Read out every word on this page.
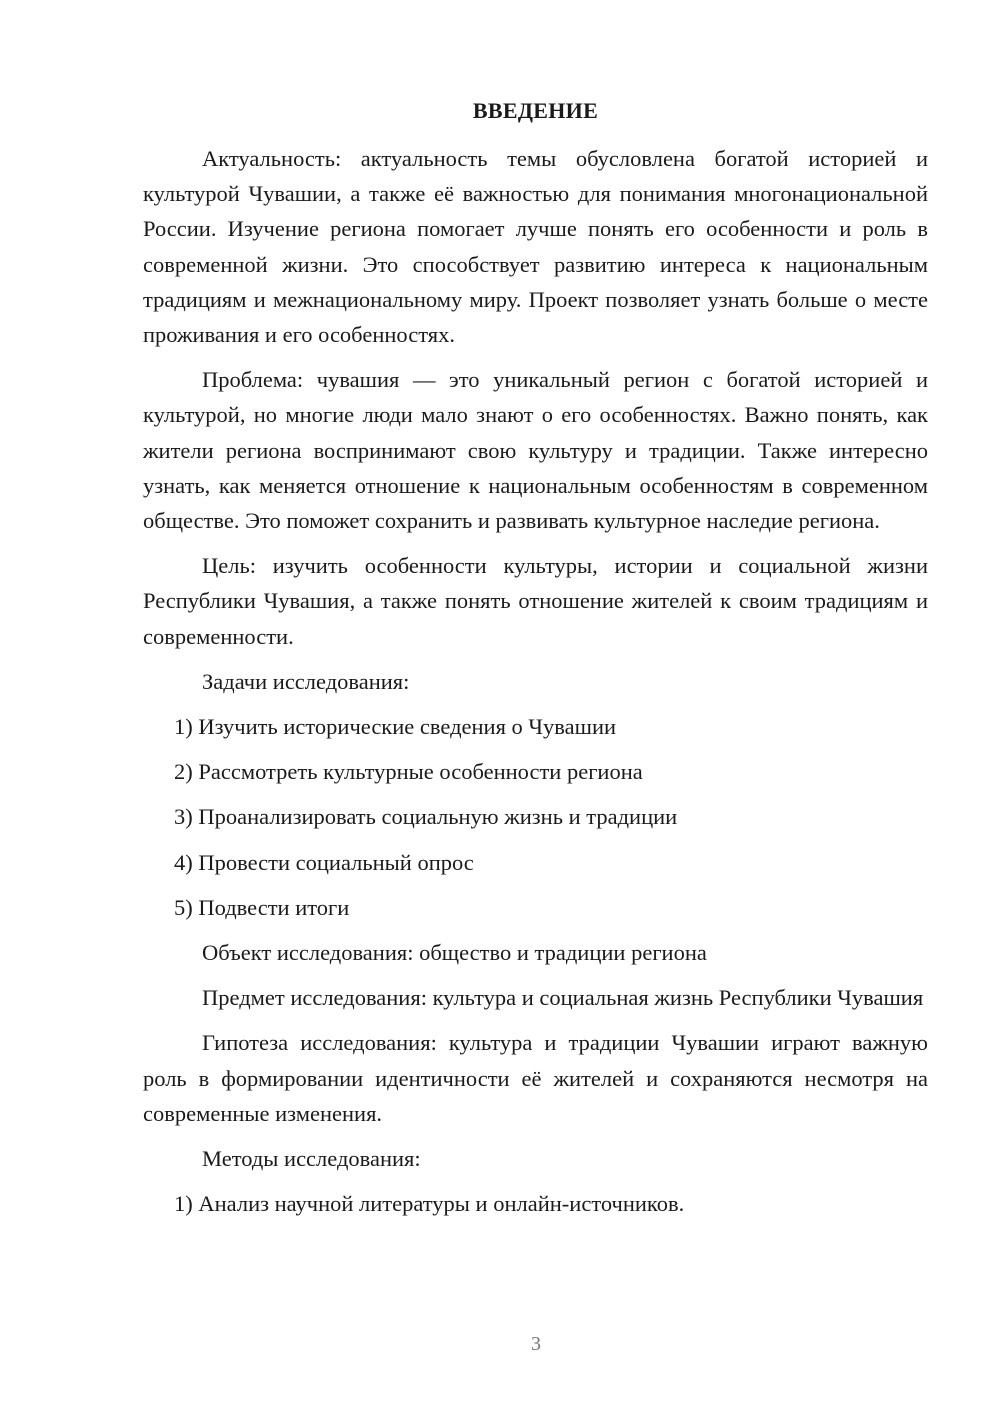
ВВЕДЕНИЕ

Актуальность: актуальность темы обусловлена богатой историей и культурой Чувашии, а также её важностью для понимания многонациональной России. Изучение региона помогает лучше понять его особенности и роль в современной жизни. Это способствует развитию интереса к национальным традициям и межнациональному миру. Проект позволяет узнать больше о месте проживания и его особенностях.

Проблема: чувашия — это уникальный регион с богатой историей и культурой, но многие люди мало знают о его особенностях. Важно понять, как жители региона воспринимают свою культуру и традиции. Также интересно узнать, как меняется отношение к национальным особенностям в современном обществе. Это поможет сохранить и развивать культурное наследие региона.

Цель: изучить особенности культуры, истории и социальной жизни Республики Чувашия, а также понять отношение жителей к своим традициям и современности.

Задачи исследования:

1) Изучить исторические сведения о Чувашии

2) Рассмотреть культурные особенности региона

3) Проанализировать социальную жизнь и традиции

4) Провести социальный опрос

5) Подвести итоги

Объект исследования: общество и традиции региона

Предмет исследования: культура и социальная жизнь Республики Чувашия

Гипотеза исследования: культура и традиции Чувашии играют важную роль в формировании идентичности её жителей и сохраняются несмотря на современные изменения.

Методы исследования:

1) Анализ научной литературы и онлайн-источников.

3
